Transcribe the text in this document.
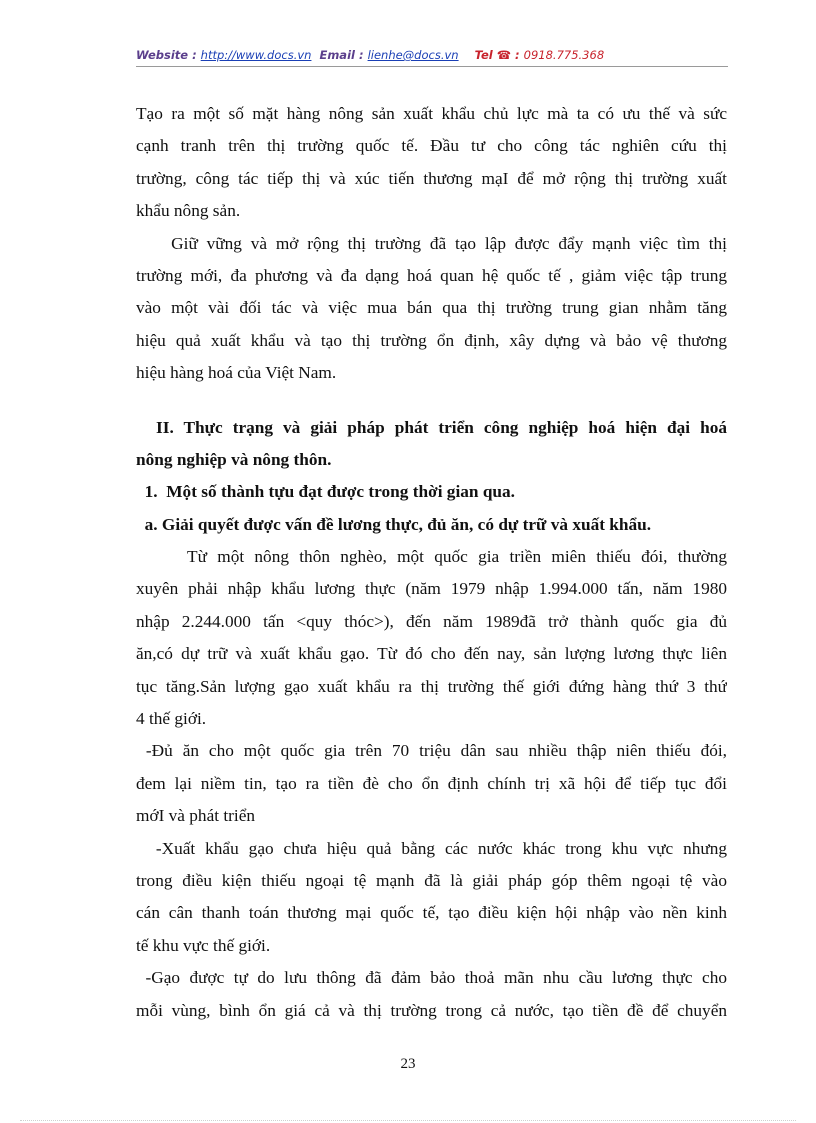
Website : http://www.docs.vn Email : lienhe@docs.vn Tel ☎ : 0918.775.368
Tạo ra một số mặt hàng nông sản xuất khẩu chủ lực mà ta có ưu thế và sức
cạnh tranh trên thị trường quốc tế. Đầu tư cho công tác nghiên cứu thị
trường, công tác tiếp thị và xúc tiến thương mạI để mở rộng thị trường xuất
khẩu nông sản.
Giữ vững và mở rộng thị trường đã tạo lập được đẩy mạnh việc tìm thị
trường mới, đa phương và đa dạng hoá quan hệ quốc tế , giảm việc tập trung
vào một vài đối tác và việc mua bán qua thị trường trung gian nhằm tăng
hiệu quả xuất khẩu và tạo thị trường ổn định, xây dựng và bảo vệ thương
hiệu hàng hoá của Việt Nam.
II. Thực trạng và giải pháp phát triển công nghiệp hoá hiện đại hoá
nông nghiệp và nông thôn.
1.  Một số thành tựu đạt được trong thời gian qua.
a. Giải quyết được vấn đề lương thực, đủ ăn, có dự trữ và xuất khẩu.
Từ một nông thôn nghèo, một quốc gia triền miên thiếu đói, thường
xuyên phải nhập khẩu lương thực (năm 1979 nhập 1.994.000 tấn, năm 1980
nhập 2.244.000 tấn <quy thóc>), đến năm 1989đã trở thành quốc gia đủ
ăn,có dự trữ và xuất khẩu gạo. Từ đó cho đến nay, sản lượng lương thực liên
tục tăng.Sản lượng gạo xuất khẩu ra thị trường thế giới đứng hàng thứ 3 thứ
4 thế giới.
-Đủ ăn cho một quốc gia trên 70 triệu dân sau nhiều thập niên thiếu đói,
đem lại niềm tin, tạo ra tiền đè cho ổn định chính trị xã hội để tiếp tục đổi
mớI và phát triển
-Xuất khẩu gạo chưa hiệu quả bằng các nước khác trong khu vực nhưng
trong điều kiện thiếu ngoại tệ mạnh đã là giải pháp góp thêm ngoại tệ vào
cán cân thanh toán thương mại quốc tế, tạo điều kiện hội nhập vào nền kinh
tế khu vực thế giới.
-Gạo được tự do lưu thông đã đảm bảo thoả mãn nhu cầu lương thực cho
mỗi vùng, bình ổn giá cả và thị trường trong cả nước, tạo tiền đề để chuyển
23
